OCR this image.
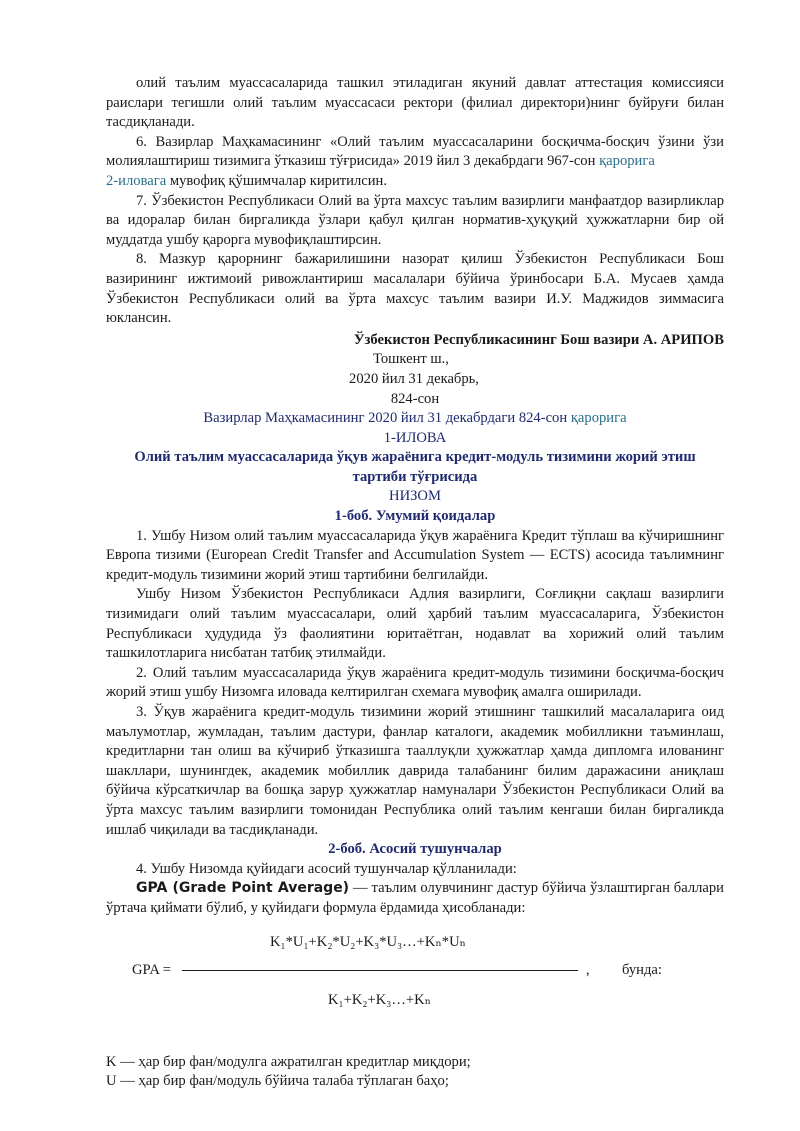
олий таълим муассасаларида ташкил этиладиган якуний давлат аттестация комиссияси раислари тегишли олий таълим муассасаси ректори (филиал директори)нинг буйруғи билан тасдиқланади.

6. Вазирлар Маҳкамасининг «Олий таълим муассасаларини босқичма-босқич ўзини ўзи молиялаштириш тизимига ўтказиш тўғрисида» 2019 йил 3 декабрдаги 967-сон қарорига
2-иловага мувофиқ қўшимчалар киритилсин.

7. Ўзбекистон Республикаси Олий ва ўрта махсус таълим вазирлиги манфаатдор вазирликлар ва идоралар билан биргаликда ўзлари қабул қилган норматив-ҳуқуқий ҳужжатларни бир ой муддатда ушбу қарорга мувофиқлаштирсин.

8. Мазкур қарорнинг бажарилишини назорат қилиш Ўзбекистон Республикаси Бош вазирининг ижтимоий ривожлантириш масалалари бўйича ўринбосари Б.А. Мусаев ҳамда Ўзбекистон Республикаси олий ва ўрта махсус таълим вазири И.У. Маджидов зиммасига юклансин.

Ўзбекистон Республикасининг Бош вазири А. АРИПОВ

Тошкент ш.,
2020 йил 31 декабрь,
824-сон
Вазирлар Маҳкамасининг 2020 йил 31 декабрдаги 824-сон қарорига
1-ИЛОВА
Олий таълим муассасаларида ўқув жараёнига кредит-модуль тизимини жорий этиш
тартиби тўғрисида
НИЗОМ
1-боб. Умумий қоидалар

1. Ушбу Низом олий таълим муассасаларида ўқув жараёнига Кредит тўплаш ва кўчиришнинг Европа тизими (European Credit Transfer and Accumulation System — ECTS) асосида таълимнинг кредит-модуль тизимини жорий этиш тартибини белгилайди.

Ушбу Низом Ўзбекистон Республикаси Адлия вазирлиги, Соғлиқни сақлаш вазирлиги тизимидаги олий таълим муассасалари, олий ҳарбий таълим муассасаларига, Ўзбекистон Республикаси ҳудудида ўз фаолиятини юритаётган, нодавлат ва хорижий олий таълим ташкилотларига нисбатан татбиқ этилмайди.

2. Олий таълим муассасаларида ўқув жараёнига кредит-модуль тизимини босқичма-босқич жорий этиш ушбу Низомга иловада келтирилган схемага мувофиқ амалга оширилади.

3. Ўқув жараёнига кредит-модуль тизимини жорий этишнинг ташкилий масалаларига оид маълумотлар, жумладан, таълим дастури, фанлар каталоги, академик мобилликни таъминлаш, кредитларни тан олиш ва кўчириб ўтказишга тааллуқли ҳужжатлар ҳамда дипломга илованинг шакллари, шунингдек, академик мобиллик даврида талабанинг билим даражасини аниқлаш бўйича кўрсаткичлар ва бошқа зарур ҳужжатлар намуналари Ўзбекистон Республикаси Олий ва ўрта махсус таълим вазирлиги томонидан Республика олий таълим кенгаши билан биргаликда ишлаб чиқилади ва тасдиқланади.

2-боб. Асосий тушунчалар

4. Ушбу Низомда қуйидаги асосий тушунчалар қўлланилади:

GPA (Grade Point Average) — таълим олувчининг дастур бўйича ўзлаштирган баллари ўртача қиймати бўлиб, у қуйидаги формула ёрдамида ҳисобланади:

K₁*U₁+K₂*U₂+K₃*U₃…+Kₙ*Uₙ
GPA =	, бунда:
K₁+K₂+K₃…+Kₙ

K — ҳар бир фан/модулга ажратилган кредитлар миқдори;

U — ҳар бир фан/модуль бўйича талаба тўплаган баҳо;
